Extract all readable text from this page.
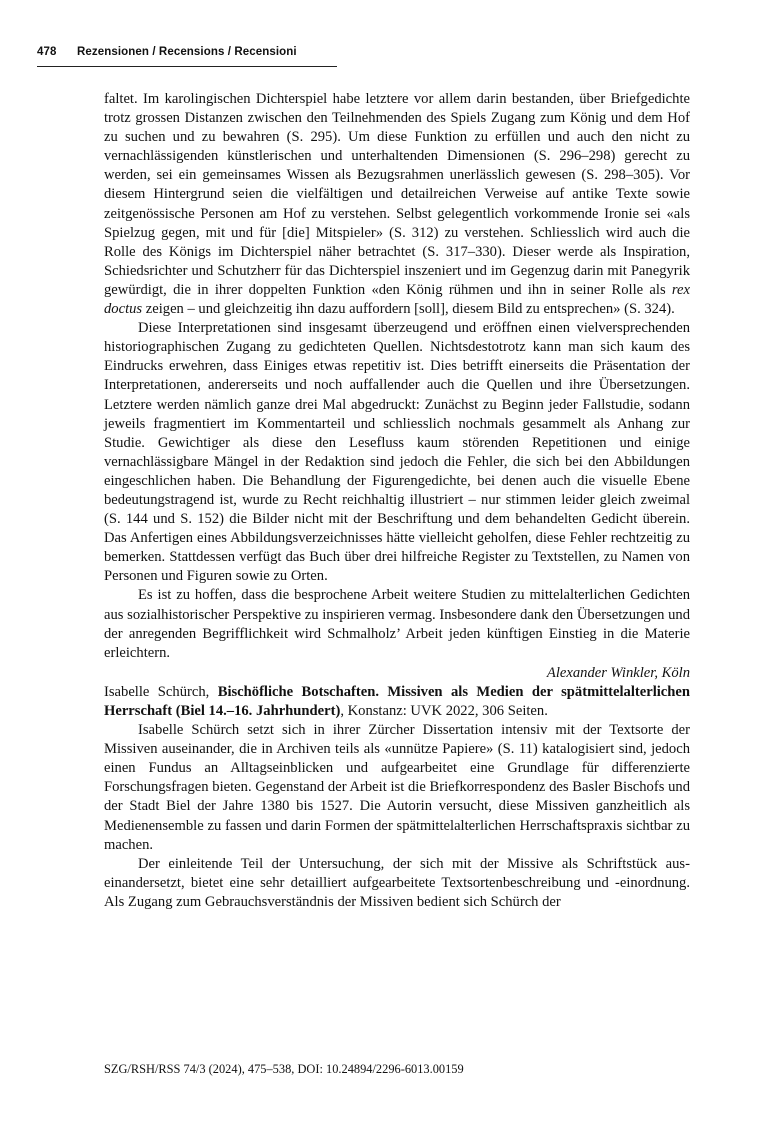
478 Rezensionen / Recensions / Recensioni

faltet. Im karolingischen Dichterspiel habe letztere vor allem darin bestanden, über Briefgedichte trotz grossen Distanzen zwischen den Teilnehmenden des Spiels Zugang zum König und dem Hof zu suchen und zu bewahren (S. 295). Um diese Funktion zu erfüllen und auch den nicht zu vernachlässigenden künstlerischen und unterhaltenden Dimensionen (S. 296–298) gerecht zu werden, sei ein gemeinsames Wissen als Bezugsrahmen unerlässlich gewesen (S. 298–305). Vor diesem Hintergrund seien die vielfältigen und detailreichen Verweise auf antike Texte sowie zeitgenössische Personen am Hof zu verstehen. Selbst gelegentlich vorkommende Ironie sei «als Spielzug gegen, mit und für [die] Mitspieler» (S. 312) zu verstehen. Schliesslich wird auch die Rolle des Königs im Dichterspiel näher betrachtet (S. 317–330). Dieser werde als Inspiration, Schiedsrichter und Schutzherr für das Dichterspiel inszeniert und im Gegenzug darin mit Panegyrik gewürdigt, die in ihrer doppelten Funktion «den König rühmen und ihn in seiner Rolle als rex doctus zeigen – und gleichzeitig ihn dazu auffordern [soll], diesem Bild zu entsprechen» (S. 324).

Diese Interpretationen sind insgesamt überzeugend und eröffnen einen vielversprechenden historiographischen Zugang zu gedichteten Quellen. Nichtsdestotrotz kann man sich kaum des Eindrucks erwehren, dass Einiges etwas repetitiv ist. Dies betrifft einerseits die Präsentation der Interpretationen, andererseits und noch auffallender auch die Quellen und ihre Übersetzungen. Letztere werden nämlich ganze drei Mal abgedruckt: Zunächst zu Beginn jeder Fallstudie, sodann jeweils fragmentiert im Kommentarteil und schliesslich nochmals gesammelt als Anhang zur Studie. Gewichtiger als diese den Lesefluss kaum störenden Repetitionen und einige vernachlässigbare Mängel in der Redaktion sind jedoch die Fehler, die sich bei den Abbildungen eingeschlichen haben. Die Behandlung der Figurengedichte, bei denen auch die visuelle Ebene bedeutungstragend ist, wurde zu Recht reichhaltig illustriert – nur stimmen leider gleich zweimal (S. 144 und S. 152) die Bilder nicht mit der Beschriftung und dem behandelten Gedicht überein. Das Anfertigen eines Abbildungsverzeichnisses hätte vielleicht geholfen, diese Fehler rechtzeitig zu bemerken. Stattdessen verfügt das Buch über drei hilfreiche Register zu Textstellen, zu Namen von Personen und Figuren sowie zu Orten.

Es ist zu hoffen, dass die besprochene Arbeit weitere Studien zu mittelalterlichen Gedichten aus sozialhistorischer Perspektive zu inspirieren vermag. Insbesondere dank den Übersetzungen und der anregenden Begrifflichkeit wird Schmalholz’ Arbeit jeden künftigen Einstieg in die Materie erleichtern.

Alexander Winkler, Köln

Isabelle Schürch, Bischöfliche Botschaften. Missiven als Medien der spätmittelalterlichen Herrschaft (Biel 14.–16. Jahrhundert), Konstanz: UVK 2022, 306 Seiten.

Isabelle Schürch setzt sich in ihrer Zürcher Dissertation intensiv mit der Textsorte der Missiven auseinander, die in Archiven teils als «unnütze Papiere» (S. 11) katalogisiert sind, jedoch einen Fundus an Alltagseinblicken und aufgearbeitet eine Grundlage für differenzierte Forschungsfragen bieten. Gegenstand der Arbeit ist die Briefkorrespondenz des Basler Bischofs und der Stadt Biel der Jahre 1380 bis 1527. Die Autorin versucht, diese Missiven ganzheitlich als Medienensemble zu fassen und darin Formen der spätmittelalterlichen Herrschaftspraxis sichtbar zu machen.

Der einleitende Teil der Untersuchung, der sich mit der Missive als Schriftstück auseinandersetzt, bietet eine sehr detailliert aufgearbeitete Textsortenbeschreibung und -einordnung. Als Zugang zum Gebrauchsverständnis der Missiven bedient sich Schürch der

SZG/RSH/RSS 74/3 (2024), 475–538, DOI: 10.24894/2296-6013.00159
